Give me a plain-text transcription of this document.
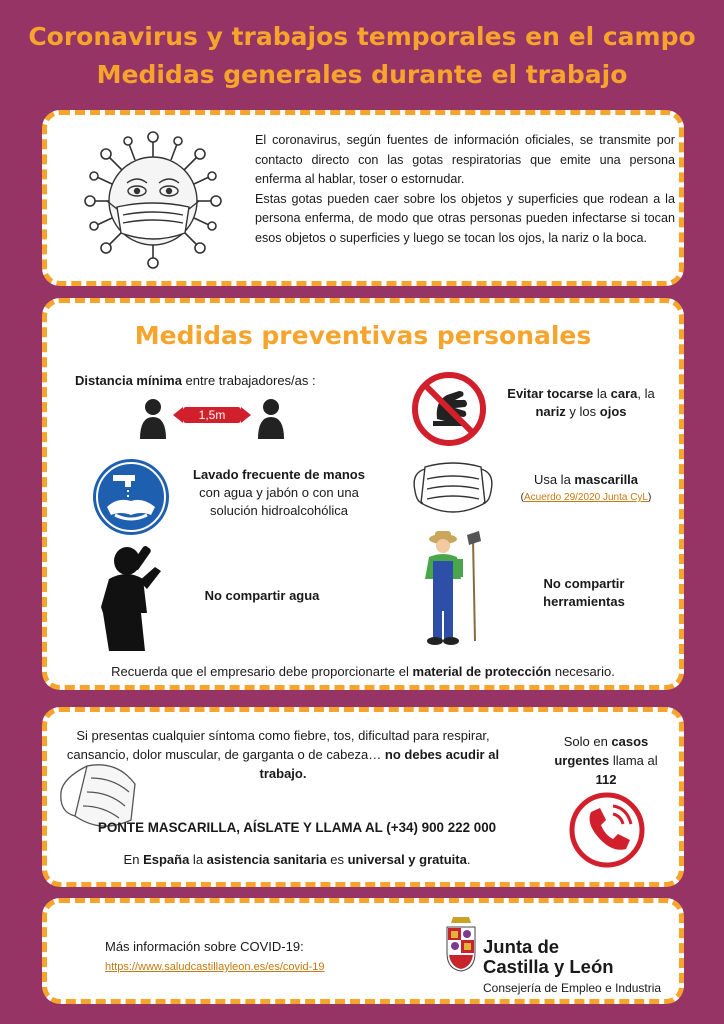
Coronavirus y trabajos temporales en el campo
Medidas generales durante el trabajo

El coronavirus, según fuentes de información oficiales, se transmite por contacto directo con las gotas respiratorias que emite una persona enferma al hablar, toser o estornudar.

Estas gotas pueden caer sobre los objetos y superficies que rodean a la persona enferma, de modo que otras personas pueden infectarse si tocan esos objetos o superficies y luego se tocan los ojos, la nariz o la boca.

Medidas preventivas personales
Distancia mínima entre trabajadores/as :
1,5m
Evitar tocarse la cara, la nariz y los ojos
Lavado frecuente de manos
con agua y jabón o con una
solución hidroalcohólica
Usa la mascarilla
(Acuerdo 29/2020 Junta CyL)
No compartir agua
No compartir
herramientas
Recuerda que el empresario debe proporcionarte el material de protección necesario.
Si presentas cualquier síntoma como fiebre, tos, dificultad para respirar, cansancio, dolor muscular, de garganta o de cabeza… no debes acudir al trabajo.
Solo en casos urgentes llama al 112
PONTE MASCARILLA, AÍSLATE Y LLAMA AL (+34) 900 222 000
En España la asistencia sanitaria es universal y gratuita.
Más información sobre COVID-19:
https://www.saludcastillayleon.es/es/covid-19
Junta de
Castilla y León
Consejería de Empleo e Industria
